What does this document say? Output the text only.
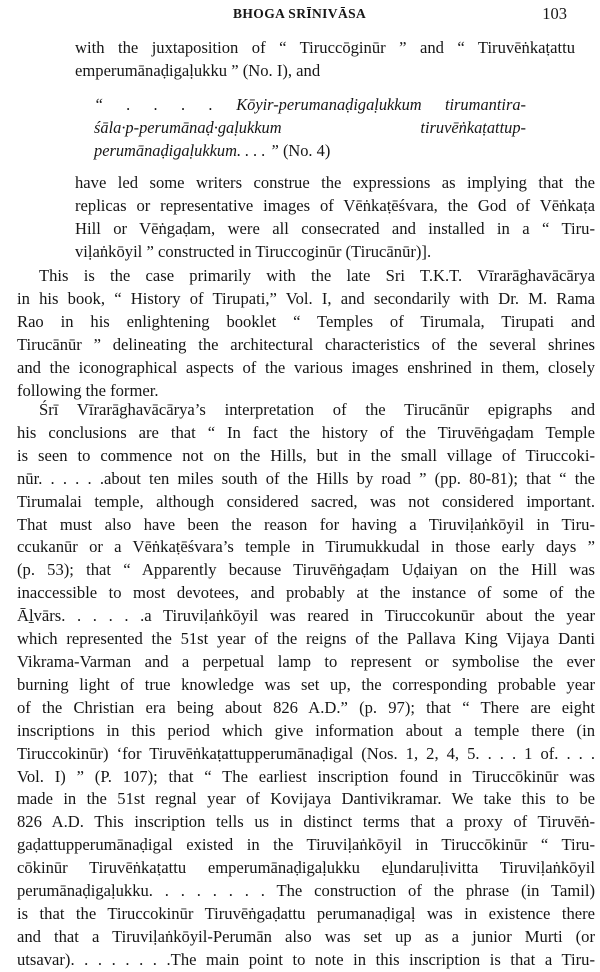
BHOGA SRĪNIVĀSA	103
with the juxtaposition of “ Tiruccōginūr ” and “ Tiruvēṅkaṭattu
emperumānaḍigaḷukku ” (No. I), and
“ . . . . Kōyir-perumanaḍigaḷukkum tirumantira-
śāla·p-perumānaḍ·gaḷukkum tiruvēṅkaṭattup-
perumānaḍigaḷukkum. . . . ” (No. 4)
have led some writers construe the expressions as implying that the
replicas or representative images of Vēṅkaṭēśvara, the God of Vēṅkaṭa
Hill or Vēṅgaḍam, were all consecrated and installed in a “ Tiru-
viḷaṅkōyil ” constructed in Tiruccoginūr (Tirucānūr)].
This is the case primarily with the late Sri T.K.T. Vīrarāghavācārya
in his book, “ History of Tirupati,” Vol. I, and secondarily with Dr. M. Rama
Rao in his enlightening booklet “ Temples of Tirumala, Tirupati and
Tirucānūr ” delineating the architectural characteristics of the several shrines
and the iconographical aspects of the various images enshrined in them, closely
following the former.
Śrī Vīrarāghavācārya’s interpretation of the Tirucānūr epigraphs and
his conclusions are that “ In fact the history of the Tiruvēṅgaḍam Temple
is seen to commence not on the Hills, but in the small village of Tiruccoki-
nūr. . . . . .about ten miles south of the Hills by road ” (pp. 80-81); that “ the
Tirumalai temple, although considered sacred, was not considered important.
That must also have been the reason for having a Tiruviḷaṅkōyil in Tiru-
ccukanūr or a Vēṅkaṭēśvara’s temple in Tirumukkudal in those early days ”
(p. 53); that “ Apparently because Tiruvēṅgaḍam Uḍaiyan on the Hill was
inaccessible to most devotees, and probably at the instance of some of the
Āḻvārs. . . . . .a Tiruviḷaṅkōyil was reared in Tiruccokunūr about the year
which represented the 51st year of the reigns of the Pallava King Vijaya Danti
Vikrama-Varman and a perpetual lamp to represent or symbolise the ever
burning light of true knowledge was set up, the corresponding probable year
of the Christian era being about 826 A.D.” (p. 97); that “ There are eight
inscriptions in this period which give information about a temple there (in
Tiruccokinūr) ‘for Tiruvēṅkaṭattupperumānaḍigal (Nos. 1, 2, 4, 5. . . . 1 of. . . .
Vol. I) ” (P. 107); that “ The earliest inscription found in Tiruccōkinūr was
made in the 51st regnal year of Kovijaya Dantivikramar. We take this to be
826 A.D. This inscription tells us in distinct terms that a proxy of Tiruvēṅ-
gaḍattupperumānaḍigal existed in the Tiruviḷaṅkōyil in Tiruccōkinūr “ Tiru-
cōkinūr Tiruvēṅkaṭattu emperumānaḍigaḷukku eḻundaruḷivitta Tiruviḷaṅkōyil
perumānaḍigaḷukku. . . . . . . . The construction of the phrase (in Tamil)
is that the Tiruccokinūr Tiruvēṅgaḍattu perumanaḍigaḷ was in existence there
and that a Tiruviḷaṅkōyil-Perumān also was set up as a junior Murti (or
utsavar). . . . . . . .The main point to note in this inscription is that a Tiru-
